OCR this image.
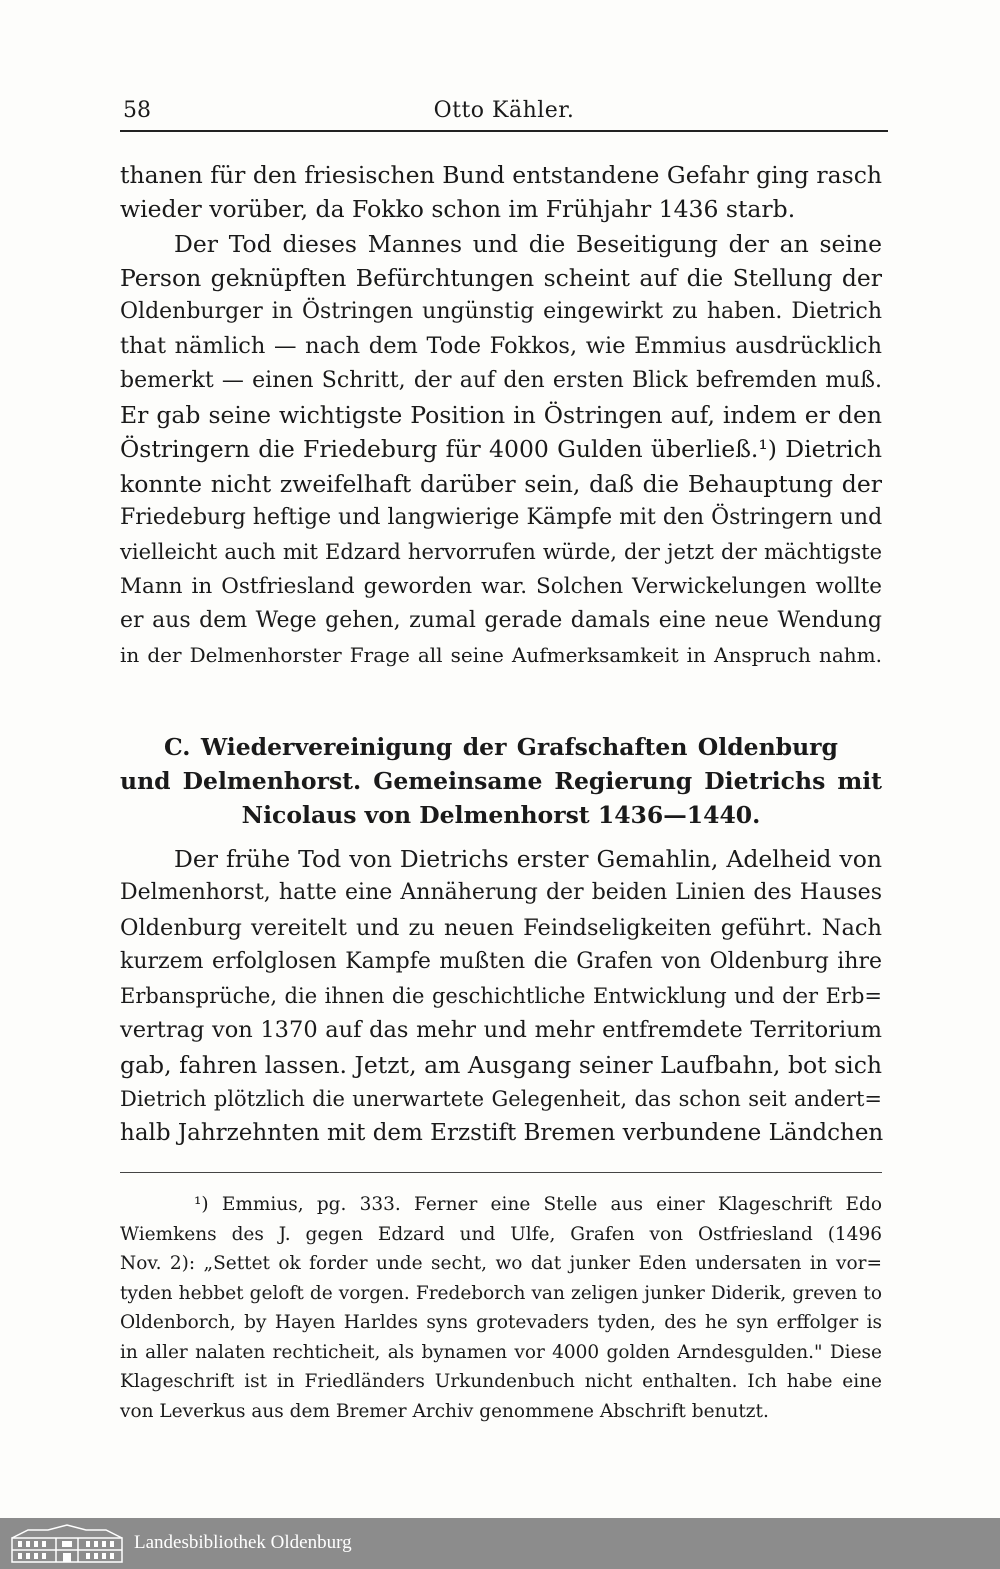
58	Otto Kähler.
thanen für den friesischen Bund entstandene Gefahr ging rasch
wieder vorüber, da Fokko schon im Frühjahr 1436 starb.
Der Tod dieses Mannes und die Beseitigung der an seine
Person geknüpften Befürchtungen scheint auf die Stellung der
Oldenburger in Östringen ungünstig eingewirkt zu haben. Dietrich
that nämlich — nach dem Tode Fokkos, wie Emmius ausdrücklich
bemerkt — einen Schritt, der auf den ersten Blick befremden muß.
Er gab seine wichtigste Position in Östringen auf, indem er den
Östringern die Friedeburg für 4000 Gulden überließ.¹) Dietrich
konnte nicht zweifelhaft darüber sein, daß die Behauptung der
Friedeburg heftige und langwierige Kämpfe mit den Östringern und
vielleicht auch mit Edzard hervorrufen würde, der jetzt der mächtigste
Mann in Ostfriesland geworden war. Solchen Verwickelungen wollte
er aus dem Wege gehen, zumal gerade damals eine neue Wendung
in der Delmenhorster Frage all seine Aufmerksamkeit in Anspruch nahm.
C. Wiedervereinigung der Grafschaften Oldenburg
und Delmenhorst. Gemeinsame Regierung Dietrichs mit
Nicolaus von Delmenhorst 1436—1440.
Der frühe Tod von Dietrichs erster Gemahlin, Adelheid von
Delmenhorst, hatte eine Annäherung der beiden Linien des Hauses
Oldenburg vereitelt und zu neuen Feindseligkeiten geführt. Nach
kurzem erfolglosen Kampfe mußten die Grafen von Oldenburg ihre
Erbansprüche, die ihnen die geschichtliche Entwicklung und der Erb=
vertrag von 1370 auf das mehr und mehr entfremdete Territorium
gab, fahren lassen. Jetzt, am Ausgang seiner Laufbahn, bot sich
Dietrich plötzlich die unerwartete Gelegenheit, das schon seit andert=
halb Jahrzehnten mit dem Erzstift Bremen verbundene Ländchen
¹) Emmius, pg. 333. Ferner eine Stelle aus einer Klageschrift Edo
Wiemkens des J. gegen Edzard und Ulfe, Grafen von Ostfriesland (1496
Nov. 2): „Settet ok forder unde secht, wo dat junker Eden undersaten in vor=
tyden hebbet geloft de vorgen. Fredeborch van zeligen junker Diderik, greven to
Oldenborch, by Hayen Harldes syns grotevaders tyden, des he syn erffolger is
in aller nalaten rechticheit, als bynamen vor 4000 golden Arndesgulden." Diese
Klageschrift ist in Friedländers Urkundenbuch nicht enthalten. Ich habe eine
von Leverkus aus dem Bremer Archiv genommene Abschrift benutzt.
Landesbibliothek Oldenburg
